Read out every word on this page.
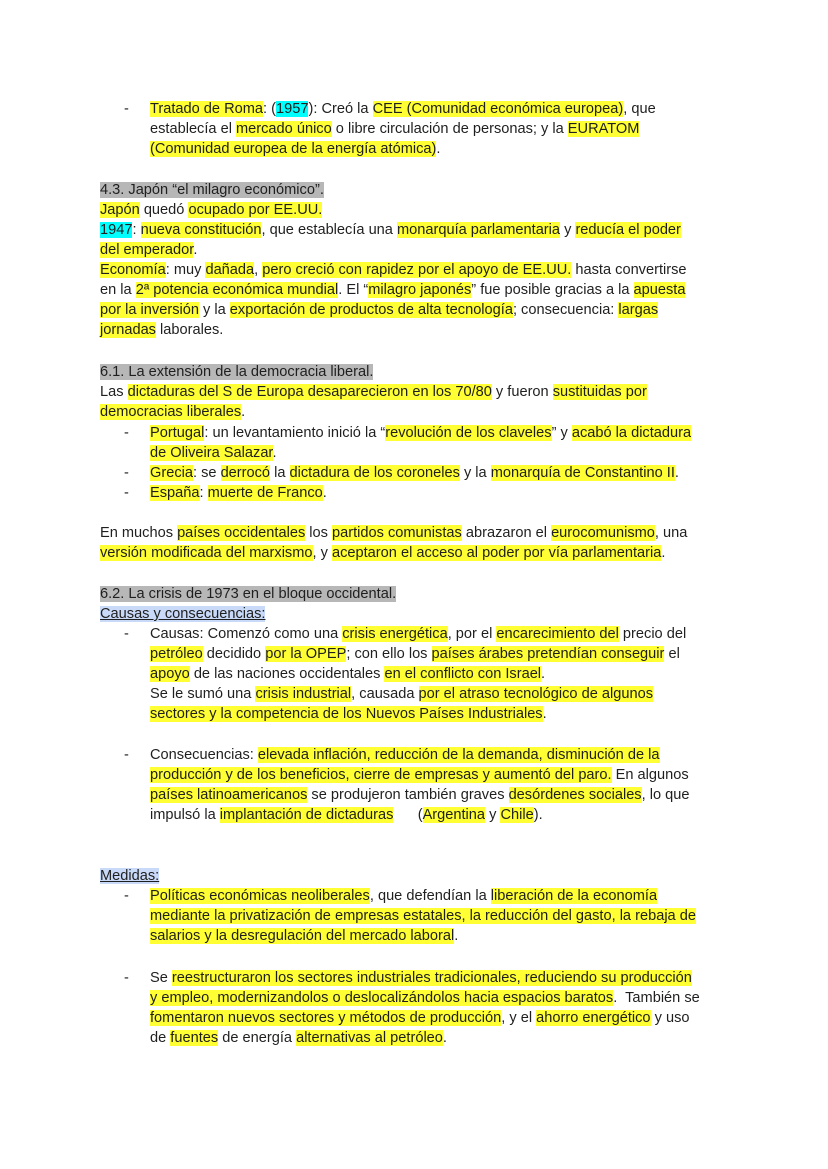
-	Tratado de Roma: (1957): Creó la CEE (Comunidad económica europea), que
establecía el mercado único o libre circulación de personas; y la EURATOM
(Comunidad europea de la energía atómica).
4.3. Japón “el milagro económico”.
Japón quedó ocupado por EE.UU.
1947: nueva constitución, que establecía una monarquía parlamentaria y reducía el poder
del emperador.
Economía: muy dañada, pero creció con rapidez por el apoyo de EE.UU. hasta convertirse
en la 2ª potencia económica mundial. El “milagro japonés” fue posible gracias a la apuesta
por la inversión y la exportación de productos de alta tecnología; consecuencia: largas
jornadas laborales.
6.1. La extensión de la democracia liberal.
Las dictaduras del S de Europa desaparecieron en los 70/80 y fueron sustituidas por
democracias liberales.
-	Portugal: un levantamiento inició la “revolución de los claveles” y acabó la dictadura
de Oliveira Salazar.
-	Grecia: se derrocó la dictadura de los coroneles y la monarquía de Constantino II.
-	España: muerte de Franco.
En muchos países occidentales los partidos comunistas abrazaron el eurocomunismo, una
versión modificada del marxismo, y aceptaron el acceso al poder por vía parlamentaria.
6.2. La crisis de 1973 en el bloque occidental.
Causas y consecuencias:
-	Causas: Comenzó como una crisis energética, por el encarecimiento del precio del
petróleo decidido por la OPEP; con ello los países árabes pretendían conseguir el
apoyo de las naciones occidentales en el conflicto con Israel.
Se le sumó una crisis industrial, causada por el atraso tecnológico de algunos
sectores y la competencia de los Nuevos Países Industriales.
-	Consecuencias: elevada inflación, reducción de la demanda, disminución de la
producción y de los beneficios, cierre de empresas y aumentó del paro. En algunos
países latinoamericanos se produjeron también graves desórdenes sociales, lo que
impulsó la implantación de dictaduras      (Argentina y Chile).
Medidas:
-	Políticas económicas neoliberales, que defendían la liberación de la economía
mediante la privatización de empresas estatales, la reducción del gasto, la rebaja de
salarios y la desregulación del mercado laboral.
-	Se reestructuraron los sectores industriales tradicionales, reduciendo su producción
y empleo, modernizandolos o deslocalizándolos hacia espacios baratos.  También se
fomentaron nuevos sectores y métodos de producción, y el ahorro energético y uso
de fuentes de energía alternativas al petróleo.
